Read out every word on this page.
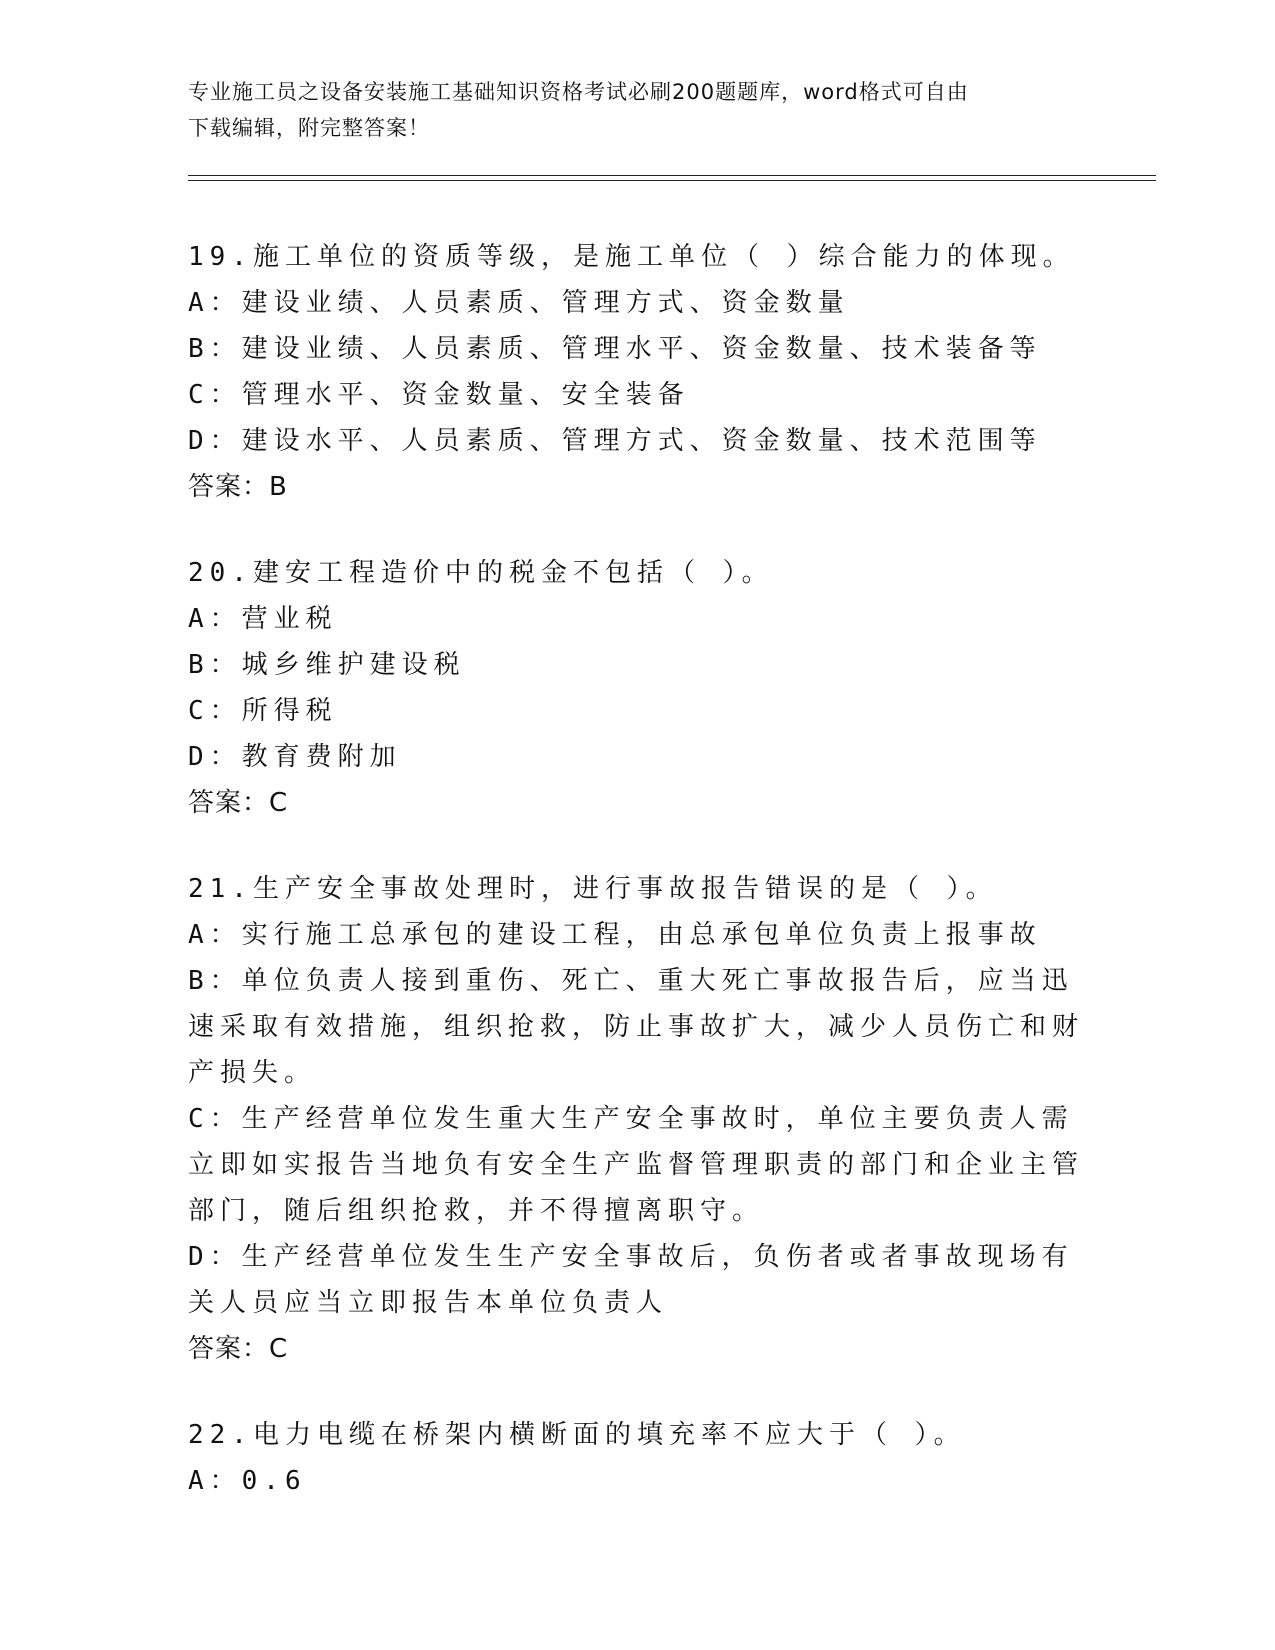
专业施工员之设备安装施工基础知识资格考试必刷200题题库，word格式可自由
下载编辑，附完整答案！
19.施工单位的资质等级，是施工单位（ ）综合能力的体现。
A：建设业绩、人员素质、管理方式、资金数量
B：建设业绩、人员素质、管理水平、资金数量、技术装备等
C：管理水平、资金数量、安全装备
D：建设水平、人员素质、管理方式、资金数量、技术范围等
答案：B
20.建安工程造价中的税金不包括（ ）。
A：营业税
B：城乡维护建设税
C：所得税
D：教育费附加
答案：C
21.生产安全事故处理时，进行事故报告错误的是（ ）。
A：实行施工总承包的建设工程，由总承包单位负责上报事故
B：单位负责人接到重伤、死亡、重大死亡事故报告后，应当迅速采取有效措施，组织抢救，防止事故扩大，减少人员伤亡和财产损失。
C：生产经营单位发生重大生产安全事故时，单位主要负责人需立即如实报告当地负有安全生产监督管理职责的部门和企业主管部门，随后组织抢救，并不得擅离职守。
D：生产经营单位发生生产安全事故后，负伤者或者事故现场有关人员应当立即报告本单位负责人
答案：C
22.电力电缆在桥架内横断面的填充率不应大于（ ）。
A：0.6
